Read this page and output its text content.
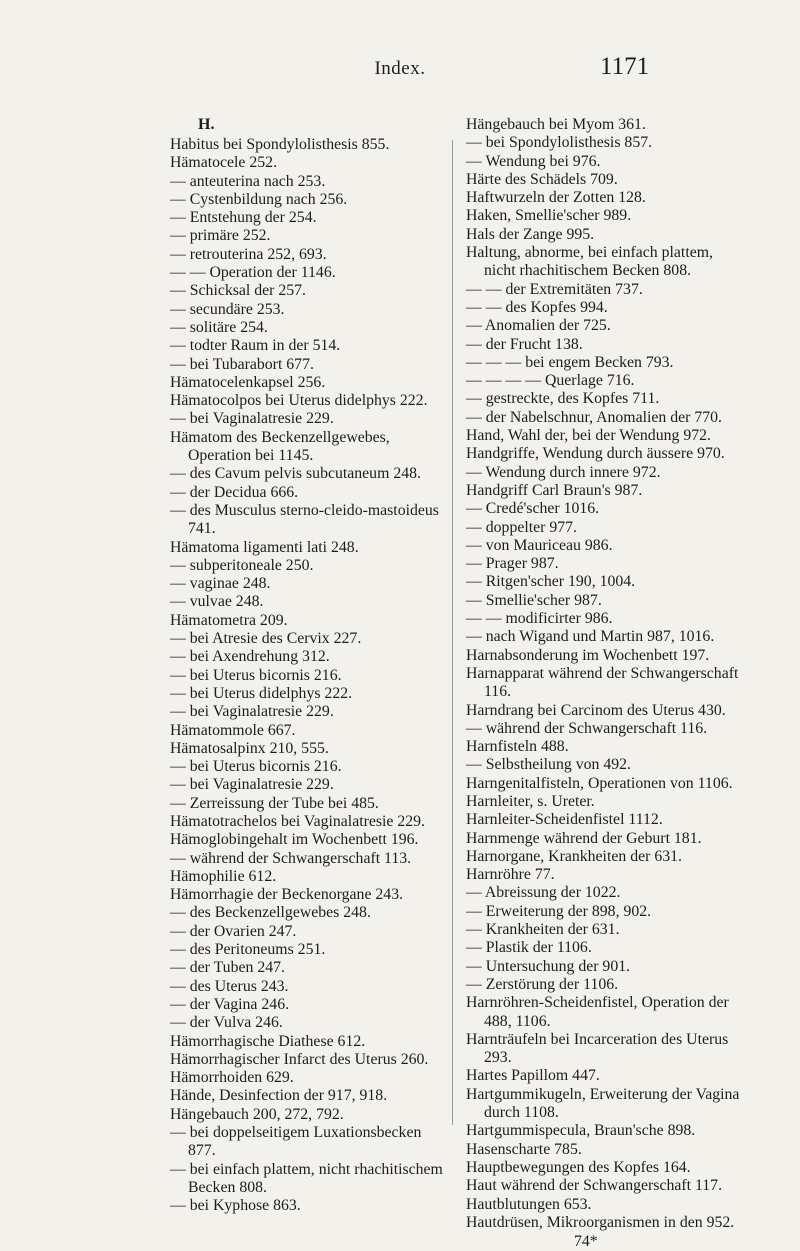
Index.	1171
H.
Habitus bei Spondylolisthesis 855.
Hämatocele 252.
— anteuterina nach 253.
— Cystenbildung nach 256.
— Entstehung der 254.
— primäre 252.
— retrouterina 252, 693.
— — Operation der 1146.
— Schicksal der 257.
— secundäre 253.
— solitäre 254.
— todter Raum in der 514.
— bei Tubarabort 677.
Hämatocelenkapsel 256.
Hämatocolpos bei Uterus didelphys 222.
— bei Vaginalatresie 229.
Hämatom des Beckenzellgewebes, Operation bei 1145.
— des Cavum pelvis subcutaneum 248.
— der Decidua 666.
— des Musculus sterno-cleido-mastoideus 741.
Hämatoma ligamenti lati 248.
— subperitoneale 250.
— vaginae 248.
— vulvae 248.
Hämatometra 209.
— bei Atresie des Cervix 227.
— bei Axendrehung 312.
— bei Uterus bicornis 216.
— bei Uterus didelphys 222.
— bei Vaginalatresie 229.
Hämatommole 667.
Hämatosalpinx 210, 555.
— bei Uterus bicornis 216.
— bei Vaginalatresie 229.
— Zerreissung der Tube bei 485.
Hämatotrachelos bei Vaginalatresie 229.
Hämoglobingehalt im Wochenbett 196.
— während der Schwangerschaft 113.
Hämophilie 612.
Hämorrhagie der Beckenorgane 243.
— des Beckenzellgewebes 248.
— der Ovarien 247.
— des Peritoneums 251.
— der Tuben 247.
— des Uterus 243.
— der Vagina 246.
— der Vulva 246.
Hämorrhagische Diathese 612.
Hämorrhagischer Infarct des Uterus 260.
Hämorrhoiden 629.
Hände, Desinfection der 917, 918.
Hängebauch 200, 272, 792.
— bei doppelseitigem Luxationsbecken 877.
— bei einfach plattem, nicht rhachitischem Becken 808.
— bei Kyphose 863.
Hängebauch bei Myom 361.
— bei Spondylolisthesis 857.
— Wendung bei 976.
Härte des Schädels 709.
Haftwurzeln der Zotten 128.
Haken, Smellie'scher 989.
Hals der Zange 995.
Haltung, abnorme, bei einfach plattem, nicht rhachitischem Becken 808.
— — der Extremitäten 737.
— — des Kopfes 994.
— Anomalien der 725.
— der Frucht 138.
— — — bei engem Becken 793.
— — — — Querlage 716.
— gestreckte, des Kopfes 711.
— der Nabelschnur, Anomalien der 770.
Hand, Wahl der, bei der Wendung 972.
Handgriffe, Wendung durch äussere 970.
— Wendung durch innere 972.
Handgriff Carl Braun's 987.
— Credé'scher 1016.
— doppelter 977.
— von Mauriceau 986.
— Prager 987.
— Ritgen'scher 190, 1004.
— Smellie'scher 987.
— — modificirter 986.
— nach Wigand und Martin 987, 1016.
Harnabsonderung im Wochenbett 197.
Harnapparat während der Schwangerschaft 116.
Harndrang bei Carcinom des Uterus 430.
— während der Schwangerschaft 116.
Harnfisteln 488.
— Selbstheilung von 492.
Harngenitalfisteln, Operationen von 1106.
Harnleiter, s. Ureter.
Harnleiter-Scheidenfistel 1112.
Harnmenge während der Geburt 181.
Harnorgane, Krankheiten der 631.
Harnröhre 77.
— Abreissung der 1022.
— Erweiterung der 898, 902.
— Krankheiten der 631.
— Plastik der 1106.
— Untersuchung der 901.
— Zerstörung der 1106.
Harnröhren-Scheidenfistel, Operation der 488, 1106.
Harnträufeln bei Incarceration des Uterus 293.
Hartes Papillom 447.
Hartgummikugeln, Erweiterung der Vagina durch 1108.
Hartgummispecula, Braun'sche 898.
Hasenscharte 785.
Hauptbewegungen des Kopfes 164.
Haut während der Schwangerschaft 117.
Hautblutungen 653.
Hautdrüsen, Mikroorganismen in den 952.
74*
